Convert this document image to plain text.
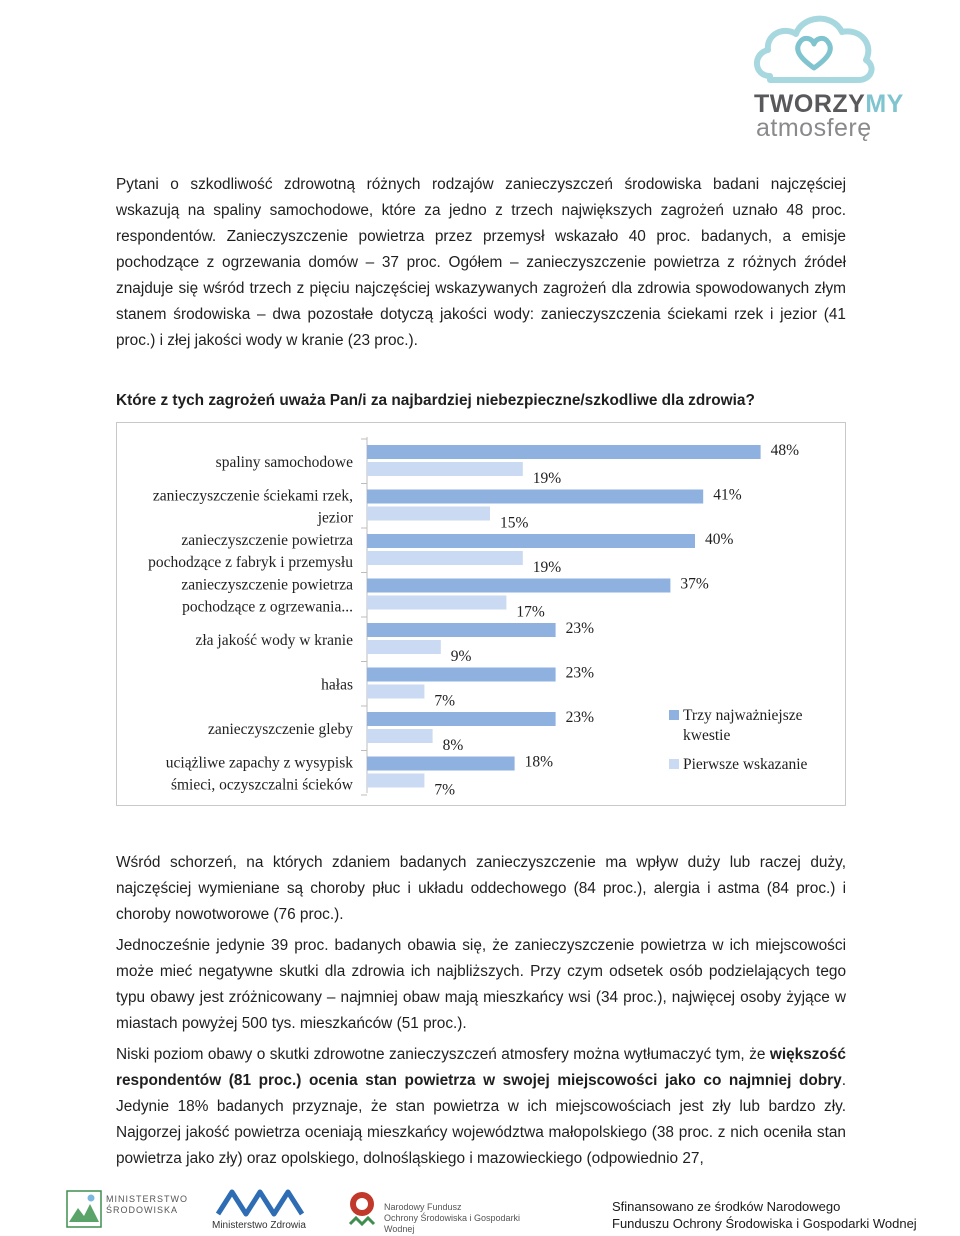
TWORZYMY
atmosferę

Pytani o szkodliwość zdrowotną różnych rodzajów zanieczyszczeń środowiska badani najczęściej wskazują na spaliny samochodowe, które za jedno z trzech największych zagrożeń uznało 48 proc. respondentów. Zanieczyszczenie powietrza przez przemysł wskazało 40 proc. badanych, a emisje pochodzące z ogrzewania domów – 37 proc. Ogółem – zanieczyszczenie powietrza z różnych źródeł znajduje się wśród trzech z pięciu najczęściej wskazywanych zagrożeń dla zdrowia spowodowanych złym stanem środowiska – dwa pozostałe dotyczą jakości wody: zanieczyszczenia ściekami rzek i jezior (41 proc.) i złej jakości wody w kranie (23 proc.).

Które z tych zagrożeń uważa Pan/i za najbardziej niebezpieczne/szkodliwe dla zdrowia?
spaliny samochodowe
48%
19%
zanieczyszczenie ściekami rzek,
jezior
41%
15%
zanieczyszczenie powietrza
pochodzące z fabryk i przemysłu
40%
19%
zanieczyszczenie powietrza
pochodzące z ogrzewania...
37%
17%
zła jakość wody w kranie
23%
9%
hałas
23%
7%
zanieczyszczenie gleby
23%
8%
uciążliwe zapachy z wysypisk
śmieci, oczyszczalni ścieków
18%
7%
Trzy najważniejsze
kwestie
Pierwsze wskazanie

Wśród schorzeń, na których zdaniem badanych zanieczyszczenie ma wpływ duży lub raczej duży, najczęściej wymieniane są choroby płuc i układu oddechowego (84 proc.), alergia i astma (84 proc.) i choroby nowotworowe (76 proc.).

Jednocześnie jedynie 39 proc. badanych obawia się, że zanieczyszczenie powietrza w ich miejscowości może mieć negatywne skutki dla zdrowia ich najbliższych. Przy czym odsetek osób podzielających tego typu obawy jest zróżnicowany – najmniej obaw mają mieszkańcy wsi (34 proc.), najwięcej osoby żyjące w miastach powyżej 500 tys. mieszkańców (51 proc.).

Niski poziom obawy o skutki zdrowotne zanieczyszczeń atmosfery można wytłumaczyć tym, że większość respondentów (81 proc.) ocenia stan powietrza w swojej miejscowości jako co najmniej dobry. Jedynie 18% badanych przyznaje, że stan powietrza w ich miejscowościach jest zły lub bardzo zły. Najgorzej jakość powietrza oceniają mieszkańcy województwa małopolskiego (38 proc. z nich oceniła stan powietrza jako zły) oraz opolskiego, dolnośląskiego i mazowieckiego (odpowiednio 27,

MINISTERSTWO
ŚRODOWISKA
Ministerstwo Zdrowia
Narodowy Fundusz
Ochrony Środowiska i Gospodarki Wodnej
Sfinansowano ze środków Narodowego
Funduszu Ochrony Środowiska i Gospodarki Wodnej
